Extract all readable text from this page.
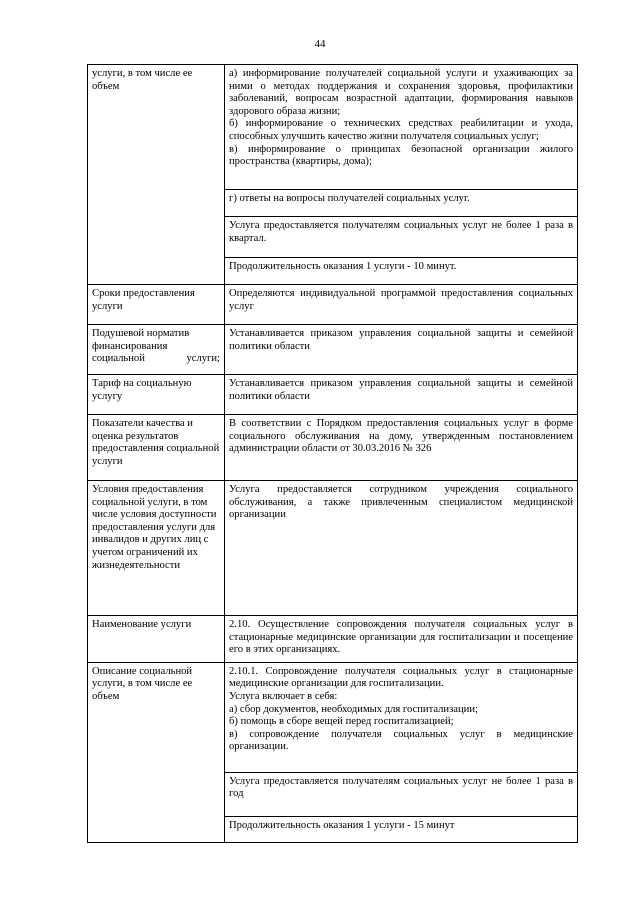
44
услуги, в том числе ее объем	а) информирование получателей социальной услуги и ухаживающих за ними о методах поддержания и сохранения здоровья, профилактики заболеваний, вопросам возрастной адаптации, формирования навыков здорового образа жизни;

б) информирование о технических средствах реабилитации и ухода, способных улучшить качество жизни получателя социальных услуг;

в) информирование о принципах безопасной организации жилого пространства (квартиры, дома);

	г) ответы на вопросы получателей социальных услуг.

	Услуга предоставляется получателям социальных услуг не более 1 раза в квартал.

	Продолжительность оказания 1 услуги - 10 минут.

Сроки предоставления услуги	Определяются индивидуальной программой предоставления социальных услуг
Подушевой норматив финансирования социальной услуги;	Устанавливается приказом управления социальной защиты и семейной политики области
Тариф на социальную услугу	Устанавливается приказом управления социальной защиты и семейной политики области
Показатели качества и оценка результатов предоставления социальной услуги	В соответствии с Порядком предоставления социальных услуг в форме социального обслуживания на дому, утвержденным постановлением администрации области от 30.03.2016 № 326
Условия предоставления социальной услуги, в том числе условия доступности предоставления услуги для инвалидов и других лиц с учетом ограничений их жизнедеятельности	Услуга предоставляется сотрудником учреждения социального обслуживания, а также привлеченным специалистом медицинской организации
Наименование услуги	2.10. Осуществление сопровождения получателя социальных услуг в стационарные медицинские организации для госпитализации и посещение его в этих организациях.
Описание социальной услуги, в том числе ее объем	2.10.1. Сопровождение получателя социальных услуг в стационарные медицинские организации для госпитализации.

Услуга включает в себя:

а) сбор документов, необходимых для госпитализации;

б) помощь в сборе вещей перед госпитализацией;

в) сопровождение получателя социальных услуг в медицинские организации.

	Услуга предоставляется получателям социальных услуг не более 1 раза в год

	Продолжительность оказания 1 услуги - 15 минут
